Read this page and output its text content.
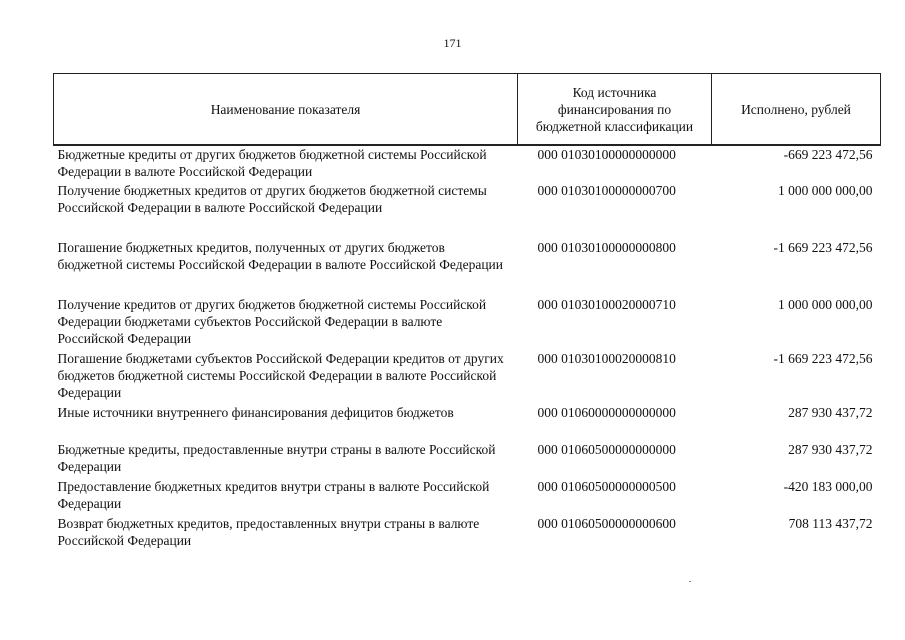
171
Наименование показателя	Код источника финансирования по бюджетной классификации	Исполнено, рублей
Бюджетные кредиты от других бюджетов бюджетной системы Российской Федерации в валюте Российской Федерации	000 01030100000000000	-669 223 472,56
Получение бюджетных кредитов от других бюджетов бюджетной системы Российской Федерации в валюте Российской Федерации	000 01030100000000700	1 000 000 000,00
Погашение бюджетных кредитов, полученных от других бюджетов бюджетной системы Российской Федерации в валюте Российской Федерации	000 01030100000000800	-1 669 223 472,56
Получение кредитов от других бюджетов бюджетной системы Российской Федерации бюджетами субъектов Российской Федерации в валюте Российской Федерации	000 01030100020000710	1 000 000 000,00
Погашение бюджетами субъектов Российской Федерации кредитов от других бюджетов бюджетной системы Российской Федерации в валюте Российской Федерации	000 01030100020000810	-1 669 223 472,56
Иные источники внутреннего финансирования дефицитов бюджетов	000 01060000000000000	287 930 437,72
Бюджетные кредиты, предоставленные внутри страны в валюте Российской Федерации	000 01060500000000000	287 930 437,72
Предоставление бюджетных кредитов внутри страны в валюте Российской Федерации	000 01060500000000500	-420 183 000,00
Возврат бюджетных кредитов, предоставленных внутри страны в валюте Российской Федерации	000 01060500000000600	708 113 437,72
